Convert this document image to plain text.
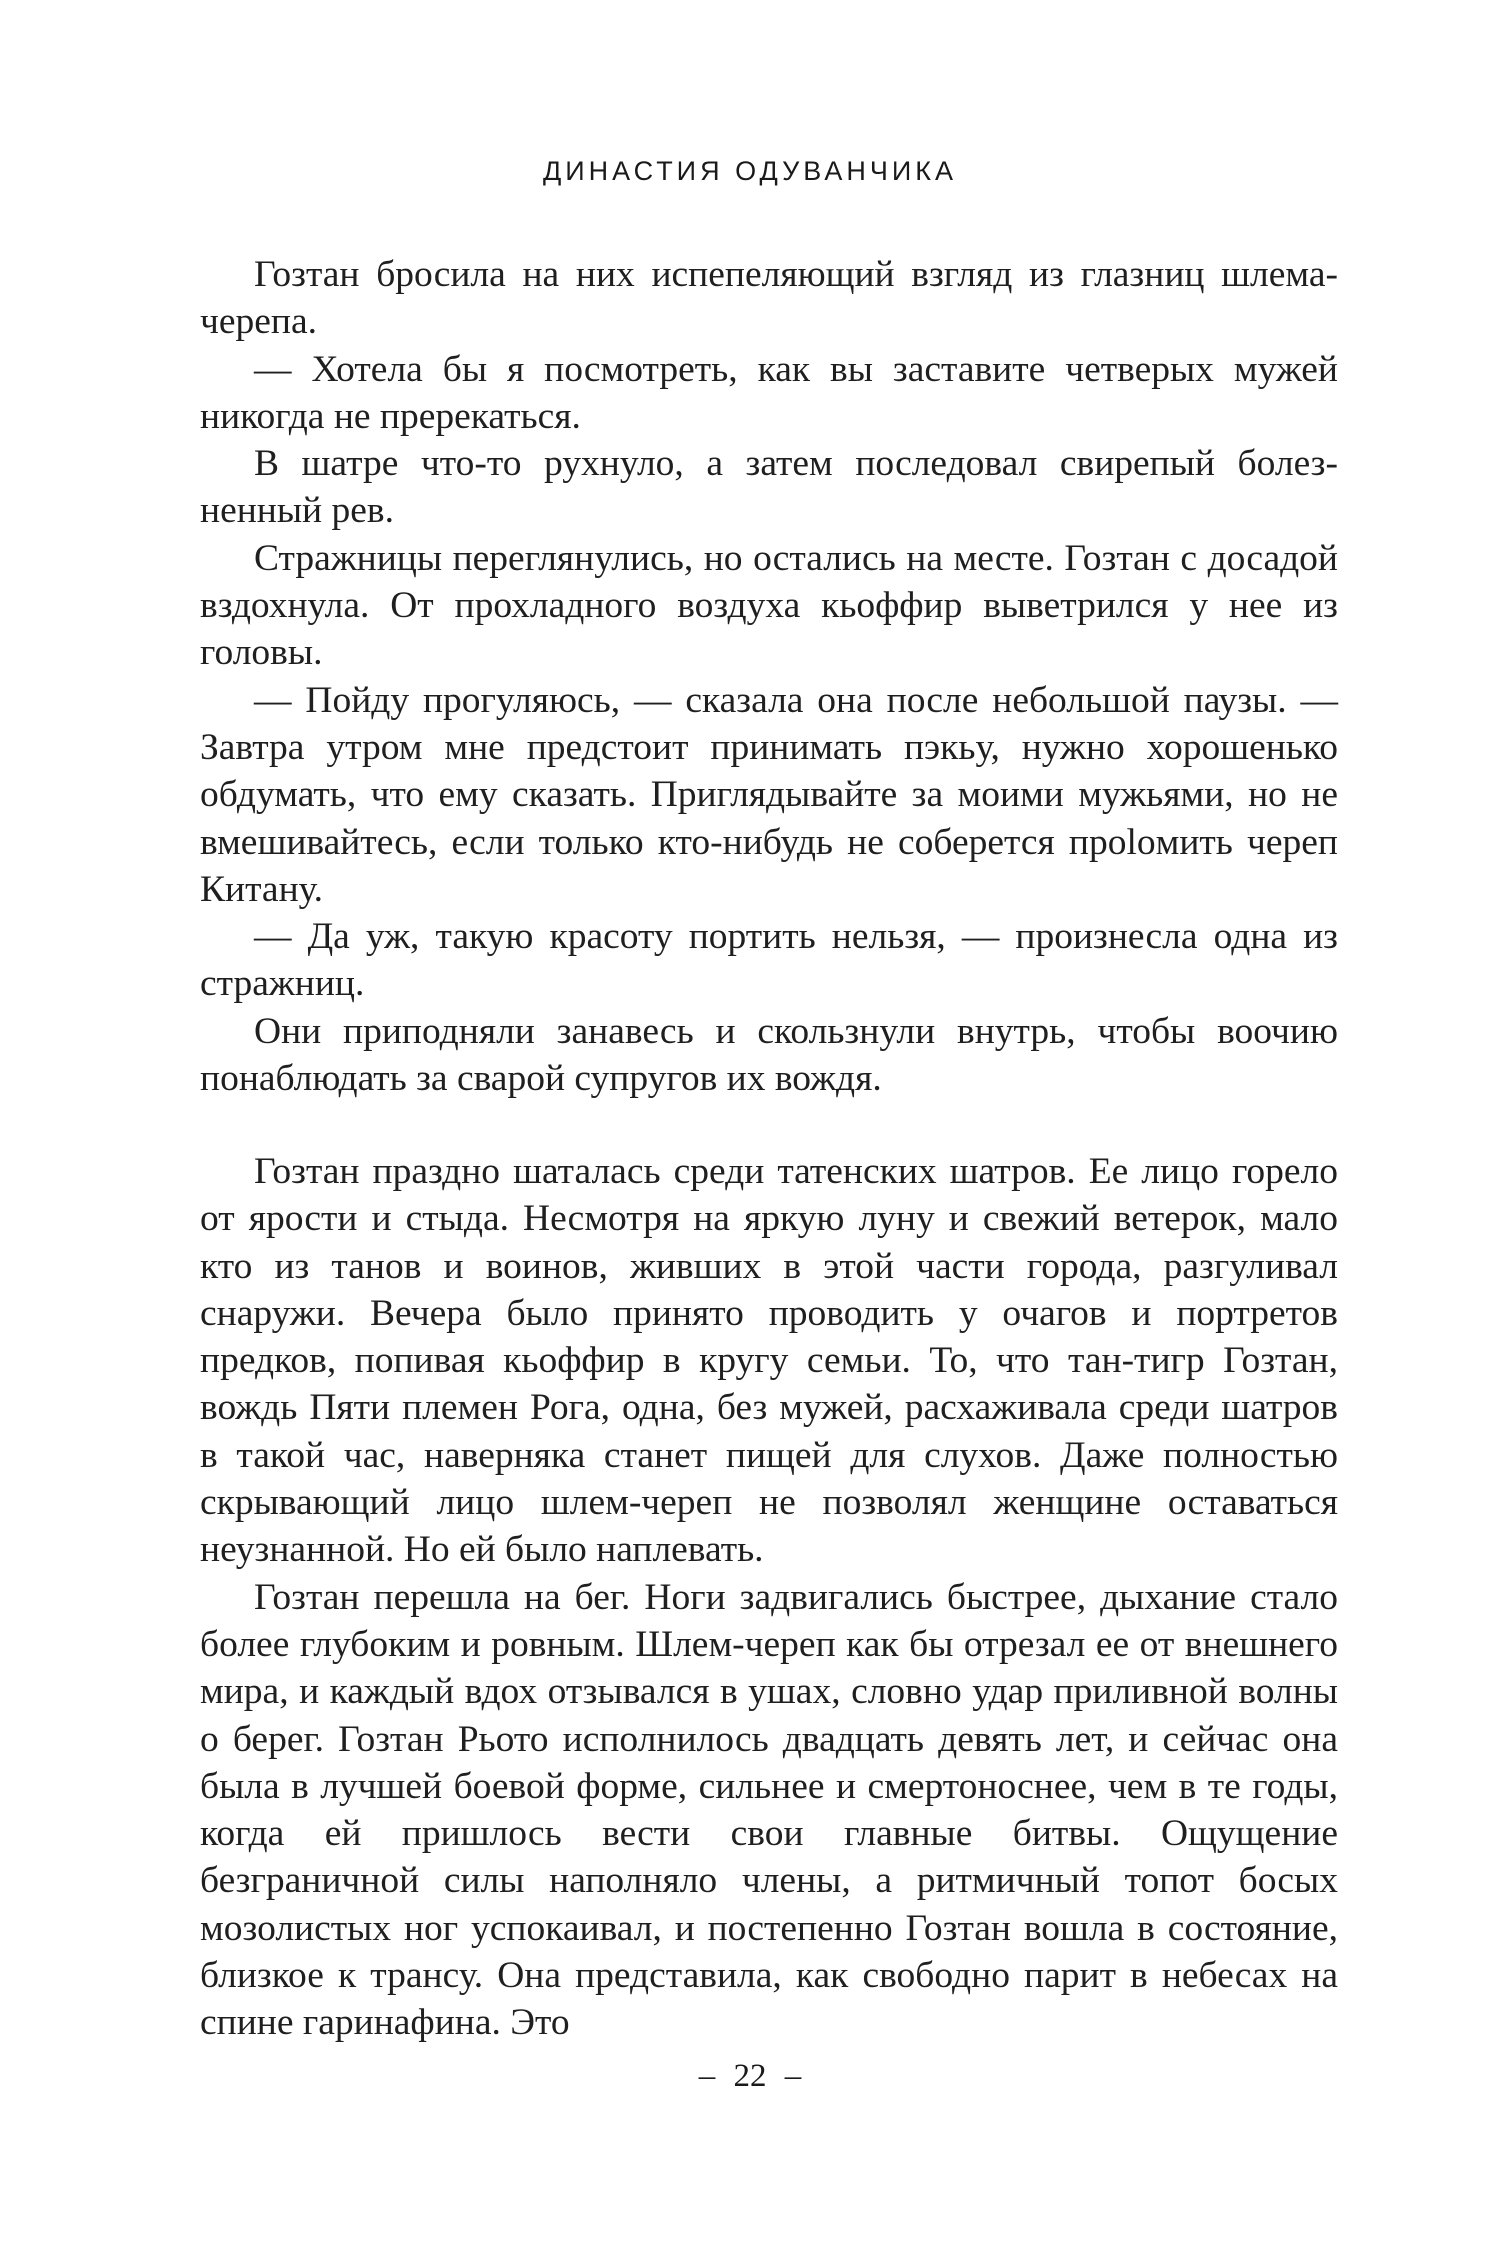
ДИНАСТИЯ ОДУВАНЧИКА

Гозтан бросила на них испепеляющий взгляд из глазниц шлема-черепа.

— Хотела бы я посмотреть, как вы заставите четверых мужей никогда не пререкаться.

В шатре что-то рухнуло, а затем последовал свирепый болезненный рев.

Стражницы переглянулись, но остались на месте. Гозтан с досадой вздохнула. От прохладного воздуха кьоффир выветрился у нее из головы.

— Пойду прогуляюсь, — сказала она после небольшой паузы. — Завтра утром мне предстоит принимать пэкьу, нужно хорошенько обдумать, что ему сказать. Приглядывайте за моими мужьями, но не вмешивайтесь, если только кто-нибудь не соберется прoloмить череп Китану.

— Да уж, такую красоту портить нельзя, — произнесла одна из стражниц.

Они приподняли занавесь и скользнули внутрь, чтобы воочию понаблюдать за сварой супругов их вождя.

Гозтан праздно шаталась среди татенских шатров. Ее лицо горело от ярости и стыда. Несмотря на яркую луну и свежий ветерок, мало кто из танов и воинов, живших в этой части города, разгуливал снаружи. Вечера было принято проводить у очагов и портретов предков, попивая кьоффир в кругу семьи. То, что тан-тигр Гозтан, вождь Пяти племен Рога, одна, без мужей, расхаживала среди шатров в такой час, наверняка станет пищей для слухов. Даже полностью скрывающий лицо шлем-череп не позволял женщине оставаться неузнанной. Но ей было наплевать.

Гозтан перешла на бег. Ноги задвигались быстрее, дыхание стало более глубоким и ровным. Шлем-череп как бы отрезал ее от внешнего мира, и каждый вдох отзывался в ушах, словно удар приливной волны о берег. Гозтан Рьото исполнилось двадцать девять лет, и сейчас она была в лучшей боевой форме, сильнее и смертоноснее, чем в те годы, когда ей пришлось вести свои главные битвы. Ощущение безграничной силы наполняло члены, а ритмичный топот босых мозолистых ног успокаивал, и постепенно Гозтан вошла в состояние, близкое к трансу. Она представила, как свободно парит в небесах на спине гаринафина. Это

– 22 –
